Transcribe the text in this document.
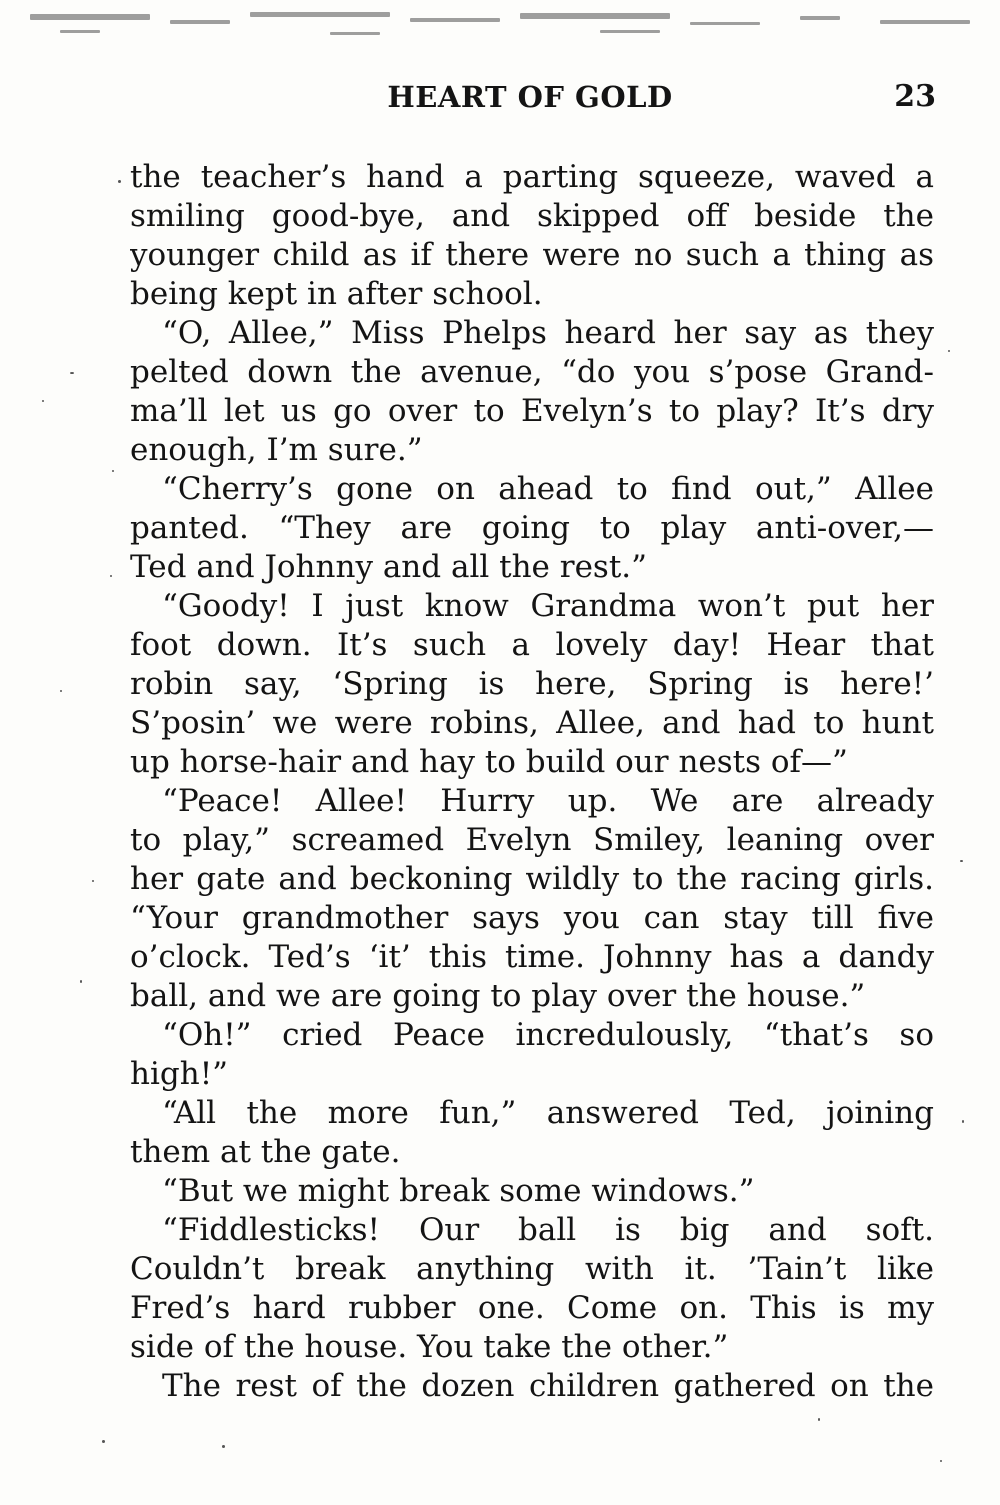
HEART OF GOLD	23
the teacher’s hand a parting squeeze, waved a
smiling good-bye, and skipped off beside the
younger child as if there were no such a thing as
being kept in after school.
“O, Allee,” Miss Phelps heard her say as they
pelted down the avenue, “do you s’pose Grand-
ma’ll let us go over to Evelyn’s to play? It’s dry
enough, I’m sure.”
“Cherry’s gone on ahead to find out,” Allee
panted. “They are going to play anti-over,—
Ted and Johnny and all the rest.”
“Goody! I just know Grandma won’t put her
foot down. It’s such a lovely day! Hear that
robin say, ‘Spring is here, Spring is here!’
S’posin’ we were robins, Allee, and had to hunt
up horse-hair and hay to build our nests of—”
“Peace! Allee! Hurry up. We are already
to play,” screamed Evelyn Smiley, leaning over
her gate and beckoning wildly to the racing girls.
“Your grandmother says you can stay till five
o’clock. Ted’s ‘it’ this time. Johnny has a dandy
ball, and we are going to play over the house.”
“Oh!” cried Peace incredulously, “that’s so
high!”
“All the more fun,” answered Ted, joining
them at the gate.
“But we might break some windows.”
“Fiddlesticks! Our ball is big and soft.
Couldn’t break anything with it. ’Tain’t like
Fred’s hard rubber one. Come on. This is my
side of the house. You take the other.”
The rest of the dozen children gathered on the
